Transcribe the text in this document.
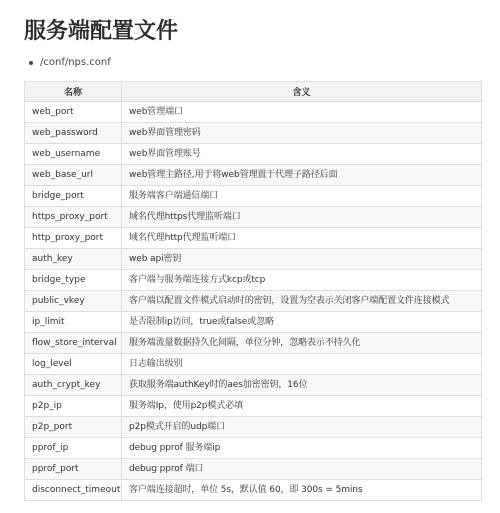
服务端配置文件
/conf/nps.conf
名称	含义
web_port	web管理端口
web_password	web界面管理密码
web_username	web界面管理账号
web_base_url	web管理主路径,用于将web管理置于代理子路径后面
bridge_port	服务端客户端通信端口
https_proxy_port	域名代理https代理监听端口
http_proxy_port	域名代理http代理监听端口
auth_key	web api密钥
bridge_type	客户端与服务端连接方式kcp或tcp
public_vkey	客户端以配置文件模式启动时的密钥，设置为空表示关闭客户端配置文件连接模式
ip_limit	是否限制ip访问，true或false或忽略
flow_store_interval	服务端流量数据持久化间隔，单位分钟，忽略表示不持久化
log_level	日志输出级别
auth_crypt_key	获取服务端authKey时的aes加密密钥，16位
p2p_ip	服务端Ip，使用p2p模式必填
p2p_port	p2p模式开启的udp端口
pprof_ip	debug pprof 服务端ip
pprof_port	debug pprof 端口
disconnect_timeout	客户端连接超时，单位 5s，默认值 60，即 300s = 5mins
